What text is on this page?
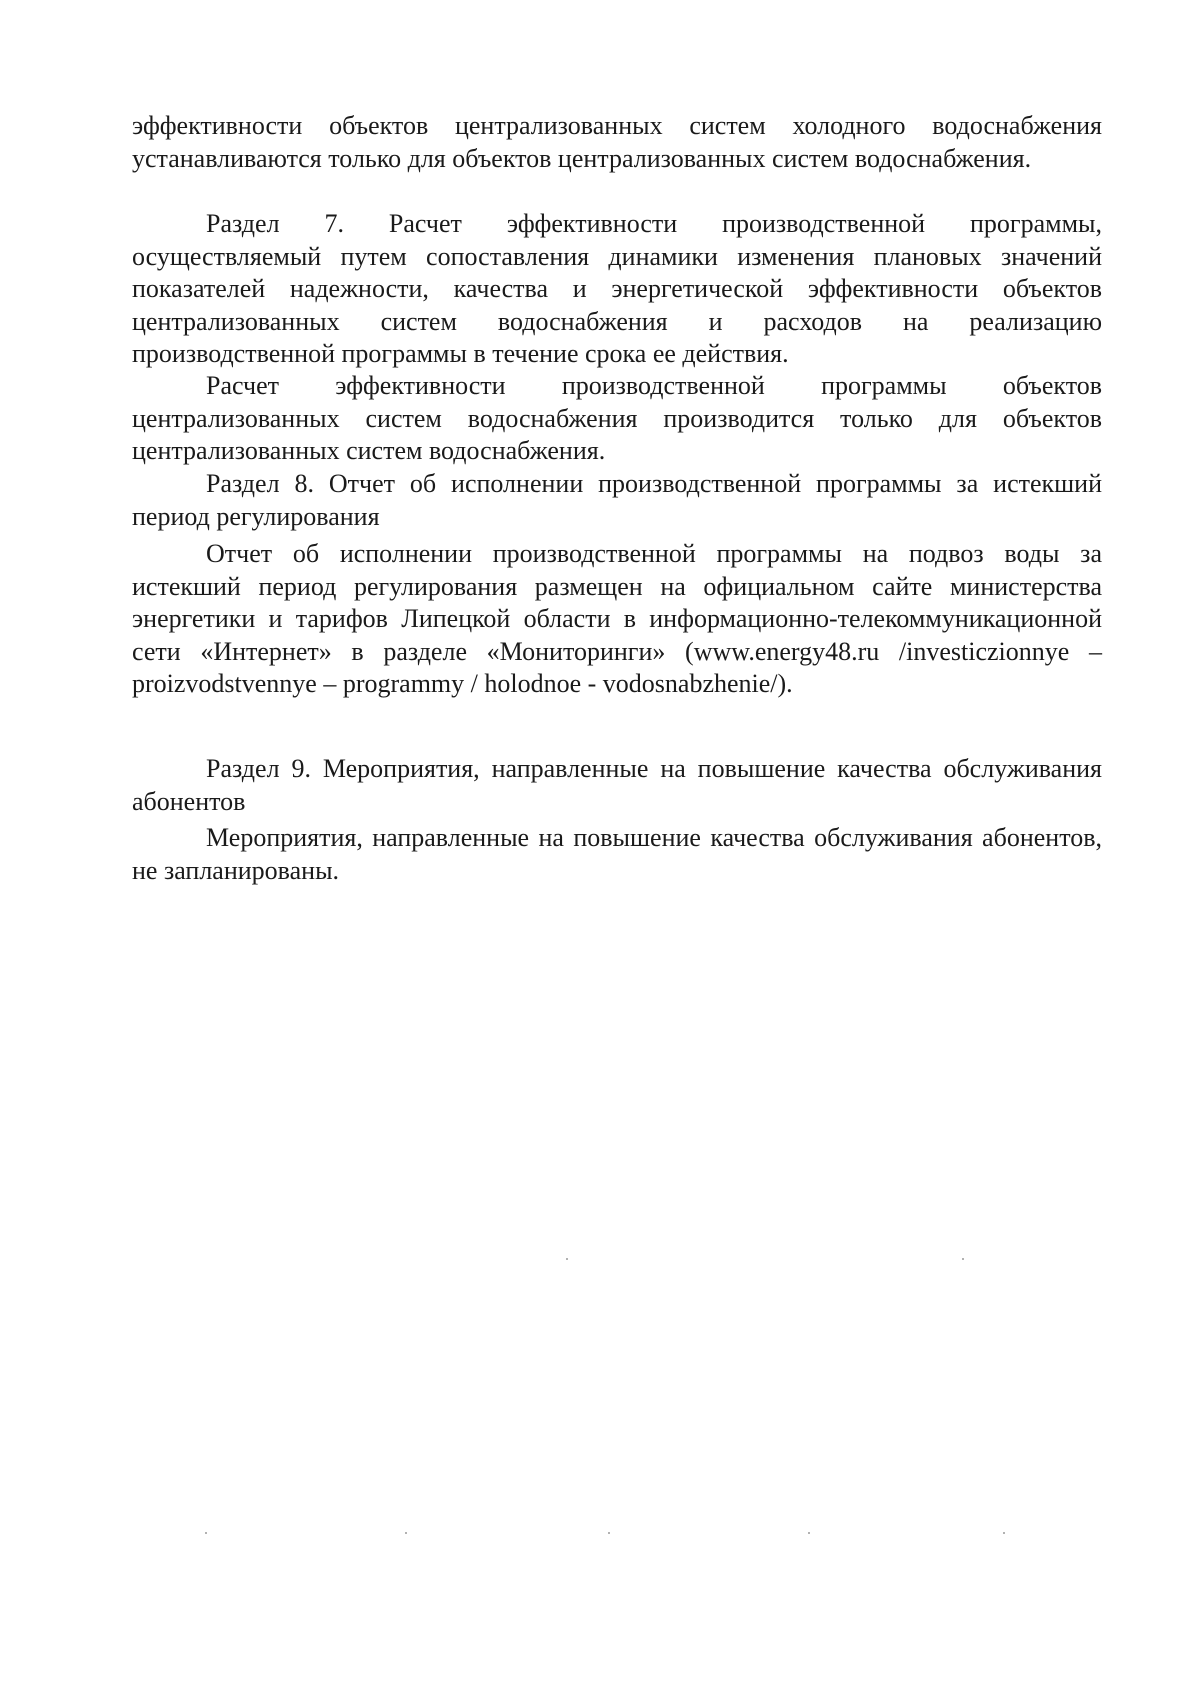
эффективности объектов централизованных систем холодного водоснабжения устанавливаются только для объектов централизованных систем водоснабжения.

Раздел 7. Расчет эффективности производственной программы, осуществляемый путем сопоставления динамики изменения плановых значений показателей надежности, качества и энергетической эффективности объектов централизованных систем водоснабжения и расходов на реализацию производственной программы в течение срока ее действия.

Расчет эффективности производственной программы объектов централизованных систем водоснабжения производится только для объектов централизованных систем водоснабжения.

Раздел 8. Отчет об исполнении производственной программы за истекший период регулирования

Отчет об исполнении производственной программы на подвоз воды за истекший период регулирования размещен на официальном сайте министерства энергетики и тарифов Липецкой области в информационно-телекоммуникационной сети «Интернет» в разделе «Мониторинги» (www.energy48.ru /investiczionnye – proizvodstvennye – programmy / holodnoe - vodosnabzhenie/).

Раздел 9. Мероприятия, направленные на повышение качества обслуживания абонентов

Мероприятия, направленные на повышение качества обслуживания абонентов, не запланированы.
